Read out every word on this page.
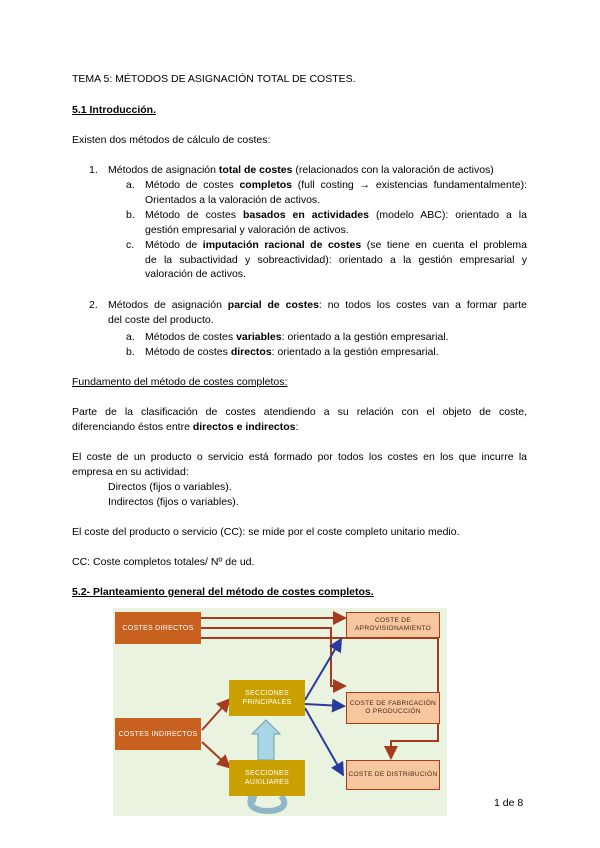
TEMA 5: MÉTODOS DE ASIGNACIÓN TOTAL DE COSTES.
5.1 Introducción.
Existen dos métodos de cálculo de costes:
1. Métodos de asignación total de costes (relacionados con la valoración de activos)
a. Método de costes completos (full costing → existencias fundamentalmente):
Orientados a la valoración de activos.
b. Método de costes basados en actividades (modelo ABC): orientado a la
gestión empresarial y valoración de activos.
c. Método de imputación racional de costes (se tiene en cuenta el problema
de la subactividad y sobreactividad): orientado a la gestión empresarial y
valoración de activos.
2. Métodos de asignación parcial de costes: no todos los costes van a formar parte
del coste del producto.
a. Métodos de costes variables: orientado a la gestión empresarial.
b. Método de costes directos: orientado a la gestión empresarial.
Fundamento del método de costes completos:
Parte de la clasificación de costes atendiendo a su relación con el objeto de coste,
diferenciando éstos entre directos e indirectos:
El coste de un producto o servicio está formado por todos los costes en los que incurre la
empresa en su actividad:
Directos (fijos o variables).
Indirectos (fijos o variables).
El coste del producto o servicio (CC): se mide por el coste completo unitario medio.
CC: Coste completos totales/ Nº de ud.
5.2- Planteamiento general del método de costes completos.
COSTES DIRECTOS
COSTES INDIRECTOS
SECCIONES PRINCIPALES
SECCIONES AUXILIARES
COSTE DE APROVISIONAMIENTO
COSTE DE FABRICACIÓN O PRODUCCIÓN
COSTE DE DISTRIBUCIÓN
1 de 8
